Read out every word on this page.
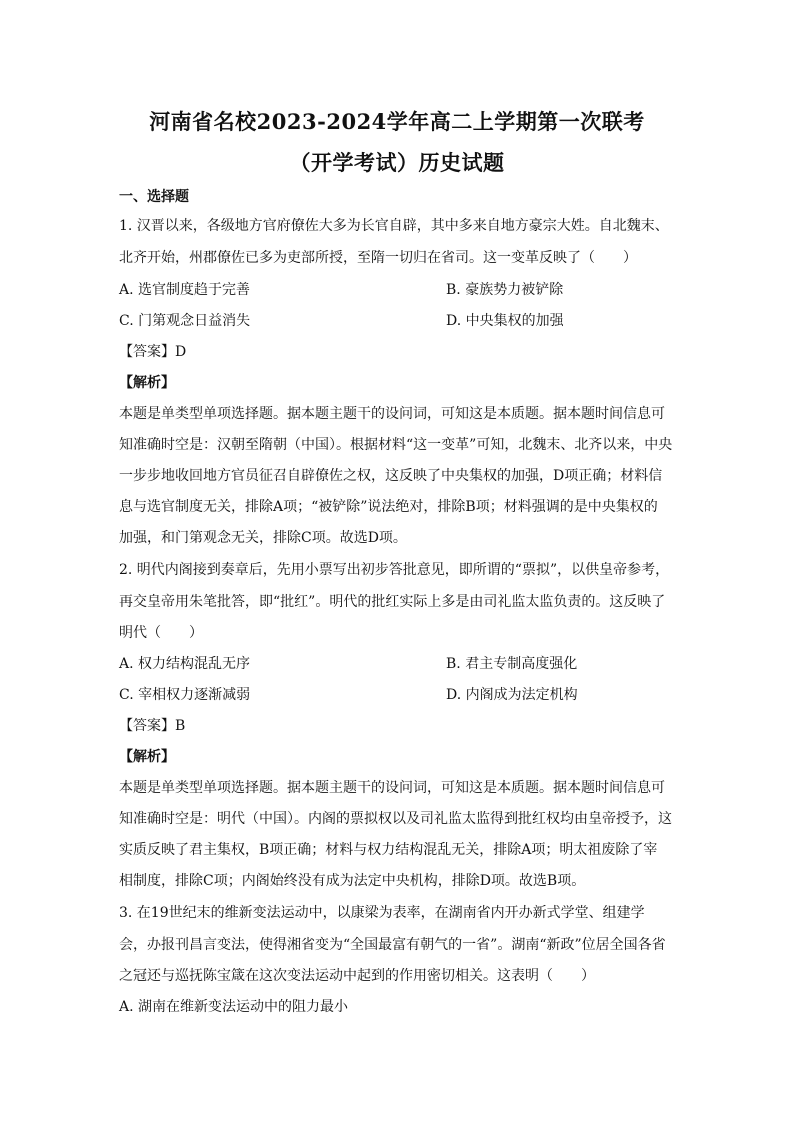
河南省名校2023-2024学年高二上学期第一次联考
（开学考试）历史试题
一、选择题
1. 汉晋以来，各级地方官府僚佐大多为长官自辟，其中多来自地方豪宗大姓。自北魏末、
北齐开始，州郡僚佐已多为吏部所授，至隋一切归在省司。这一变革反映了（　　）
A. 选官制度趋于完善	B. 豪族势力被铲除
C. 门第观念日益消失	D. 中央集权的加强
【答案】D
【解析】
本题是单类型单项选择题。据本题主题干的设问词，可知这是本质题。据本题时间信息可
知准确时空是：汉朝至隋朝（中国）。根据材料“这一变革”可知，北魏末、北齐以来，中央
一步步地收回地方官员征召自辟僚佐之权，这反映了中央集权的加强，D项正确；材料信
息与选官制度无关，排除A项；“被铲除”说法绝对，排除B项；材料强调的是中央集权的
加强，和门第观念无关，排除C项。故选D项。
2. 明代内阁接到奏章后，先用小票写出初步答批意见，即所谓的“票拟”，以供皇帝参考，
再交皇帝用朱笔批答，即“批红”。明代的批红实际上多是由司礼监太监负责的。这反映了
明代（　　）
A. 权力结构混乱无序	B. 君主专制高度强化
C. 宰相权力逐渐减弱	D. 内阁成为法定机构
【答案】B
【解析】
本题是单类型单项选择题。据本题主题干的设问词，可知这是本质题。据本题时间信息可
知准确时空是：明代（中国）。内阁的票拟权以及司礼监太监得到批红权均由皇帝授予，这
实质反映了君主集权，B项正确；材料与权力结构混乱无关，排除A项；明太祖废除了宰
相制度，排除C项；内阁始终没有成为法定中央机构，排除D项。故选B项。
3. 在19世纪末的维新变法运动中，以康梁为表率，在湖南省内开办新式学堂、组建学
会，办报刊昌言变法，使得湘省变为“全国最富有朝气的一省”。湖南“新政”位居全国各省
之冠还与巡抚陈宝箴在这次变法运动中起到的作用密切相关。这表明（　　）
A. 湖南在维新变法运动中的阻力最小
